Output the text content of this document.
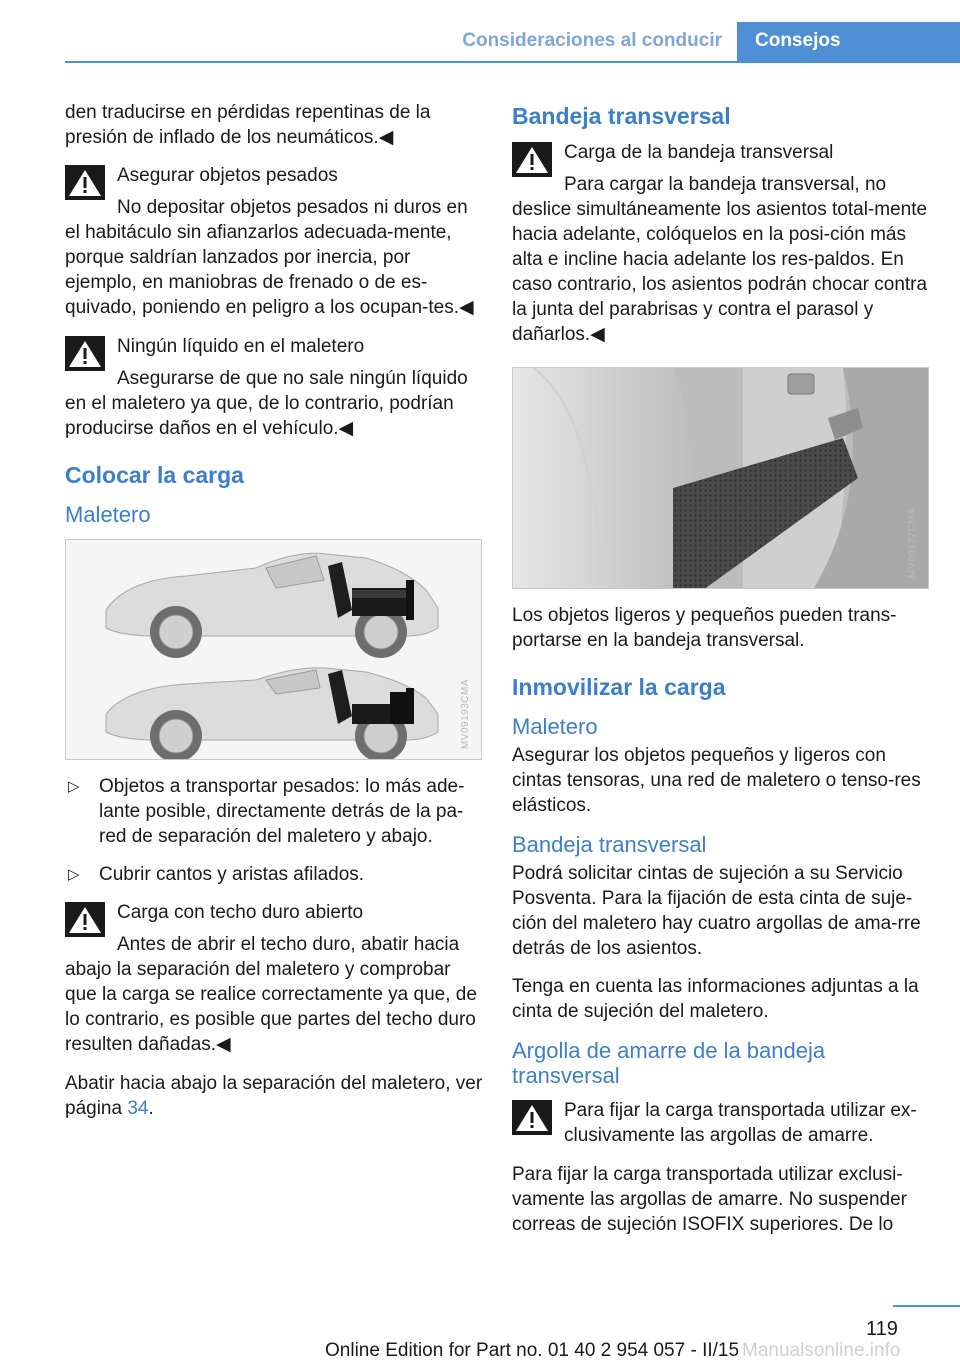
Consideraciones al conducir	Consejos

den traducirse en pérdidas repentinas de la presión de inflado de los neumáticos.◀

Asegurar objetos pesados
No depositar objetos pesados ni duros en el habitáculo sin afianzarlos adecuada-mente, porque saldrían lanzados por inercia, por ejemplo, en maniobras de frenado o de es-quivado, poniendo en peligro a los ocupan-tes.◀
Ningún líquido en el maletero
Asegurarse de que no sale ningún líquido en el maletero ya que, de lo contrario, podrían producirse daños en el vehículo.◀
Colocar la carga
Maletero
MV09193CMA
▷ Objetos a transportar pesados: lo más ade-lante posible, directamente detrás de la pa-red de separación del maletero y abajo.
▷ Cubrir cantos y aristas afilados.
Carga con techo duro abierto
Antes de abrir el techo duro, abatir hacia abajo la separación del maletero y comprobar que la carga se realice correctamente ya que, de lo contrario, es posible que partes del techo duro resulten dañadas.◀

Abatir hacia abajo la separación del maletero, ver página 34.

Bandeja transversal
Carga de la bandeja transversal
Para cargar la bandeja transversal, no deslice simultáneamente los asientos total-mente hacia adelante, colóquelos en la posi-ción más alta e incline hacia adelante los res-paldos. En caso contrario, los asientos podrán chocar contra la junta del parabrisas y contra el parasol y dañarlos.◀
MV09177CMA

Los objetos ligeros y pequeños pueden trans-portarse en la bandeja transversal.

Inmovilizar la carga
Maletero

Asegurar los objetos pequeños y ligeros con cintas tensoras, una red de maletero o tenso-res elásticos.

Bandeja transversal

Podrá solicitar cintas de sujeción a su Servicio Posventa. Para la fijación de esta cinta de suje-ción del maletero hay cuatro argollas de ama-rre detrás de los asientos.

Tenga en cuenta las informaciones adjuntas a la cinta de sujeción del maletero.

Argolla de amarre de la bandeja transversal
Para fijar la carga transportada utilizar ex-clusivamente las argollas de amarre.

Para fijar la carga transportada utilizar exclusi-vamente las argollas de amarre. No suspender correas de sujeción ISOFIX superiores. De lo

119
Online Edition for Part no. 01 40 2 954 057 - II/15 Manualsonline.info
